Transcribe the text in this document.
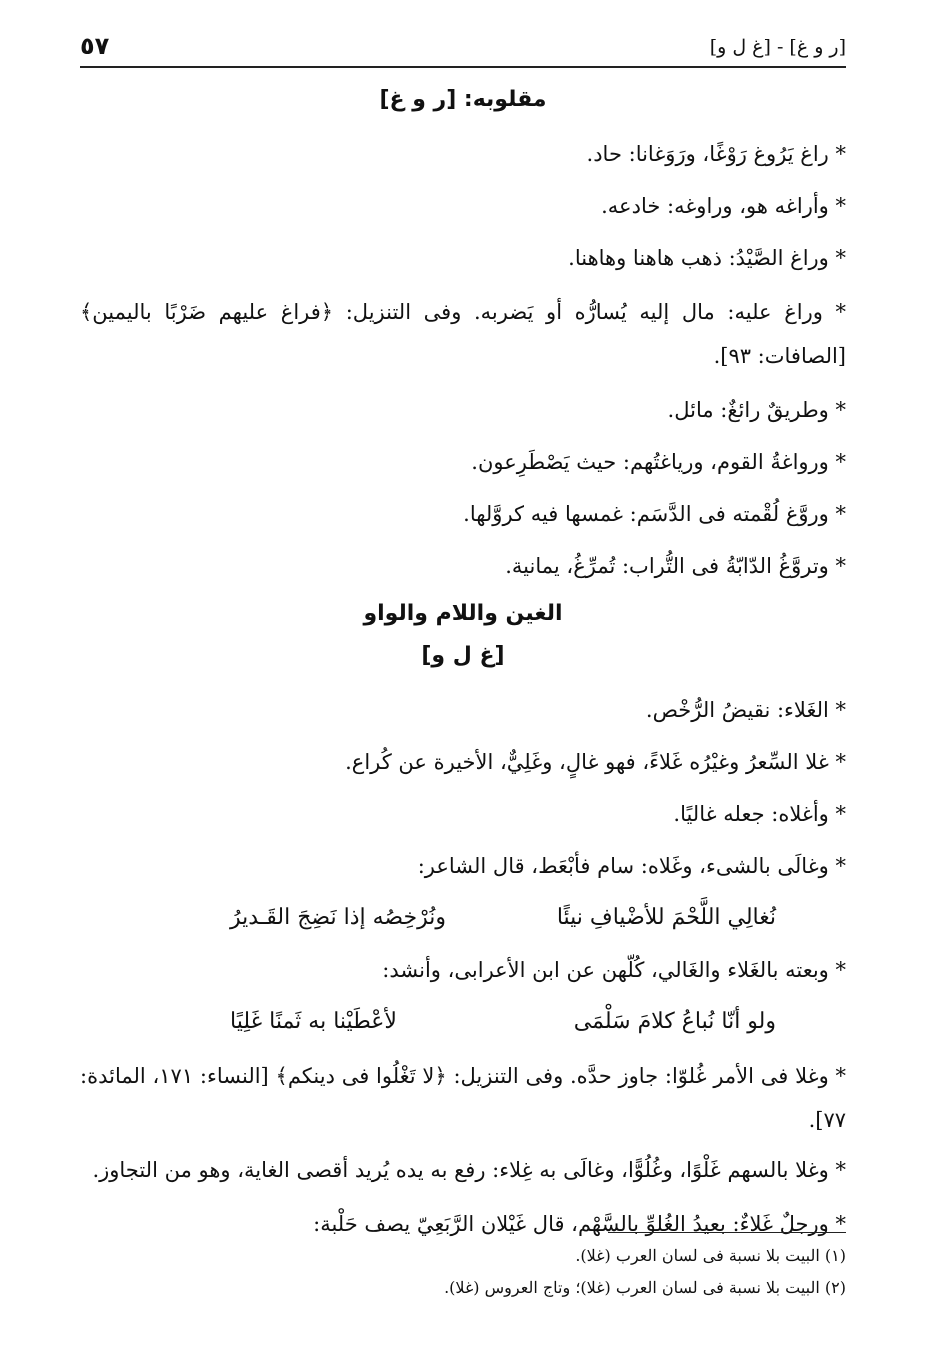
٥٧	[ر و غ] - [غ ل و]
مقلوبه: [ر و غ]

* راغ يَرُوغ رَوْغًا، ورَوَغانا: حاد.

* وأراغه هو، وراوغه: خادعه.

* وراغ الصَّيْدُ: ذهب هاهنا وهاهنا.

* وراغ عليه: مال إليه يُسارُّه أو يَضربه. وفى التنزيل: ﴿فراغ عليهم ضَرْبًا باليمين﴾ [الصافات: ٩٣].

* وطريقٌ رائغٌ: مائل.

* ورواغةُ القوم، ورياغتُهم: حيث يَصْطَرِعون.

* وروَّغ لُقْمته فى الدَّسَم: غمسها فيه كروَّلها.

* وتروَّغُ الدّابّةُ فى التُّراب: تُمرِّغُ، يمانية.

الغين واللام والواو
[غ ل و]

* الغَلاء: نقيضُ الرُّخْص.

* غلا السِّعرُ وغيْرُه غَلاءً، فهو غالٍ، وغَلِيٌّ، الأخيرة عن كُراع.

* وأغلاه: جعله غاليًا.

* وغالَى بالشىء، وغَلاه: سام فأبْعَط، قال الشاعر:

نُغالِي اللَّحْمَ للأضْيافِ نيئًا
ونُرْخِصُه إذا نَضِجَ القَـديرُ

* وبعته بالغَلاء والغَالي، كُلّهن عن ابن الأعرابى، وأنشد:

ولو أنّا نُباعُ كلامَ سَلْمَى
لأعْطَيْنا به ثَمنًا غَلِيًا

* وغلا فى الأمر غُلوّا: جاوز حدَّه. وفى التنزيل: ﴿لا تَغْلُوا فى دينكم﴾ [النساء: ١٧١، المائدة: ٧٧].

* وغلا بالسهم غَلْوًا، وغُلُوًّا، وغالَى به غِلاء: رفع به يده يُريد أقصى الغاية، وهو من التجاوز.

* ورجلٌ غَلاءٌ: بعيدُ الغُلوِّ بالسَّهْم، قال غَيْلان الرَّبَعِيّ يصف حَلْبة:

(١) البيت بلا نسبة فى لسان العرب (غلا).
(٢) البيت بلا نسبة فى لسان العرب (غلا)؛ وتاج العروس (غلا).
